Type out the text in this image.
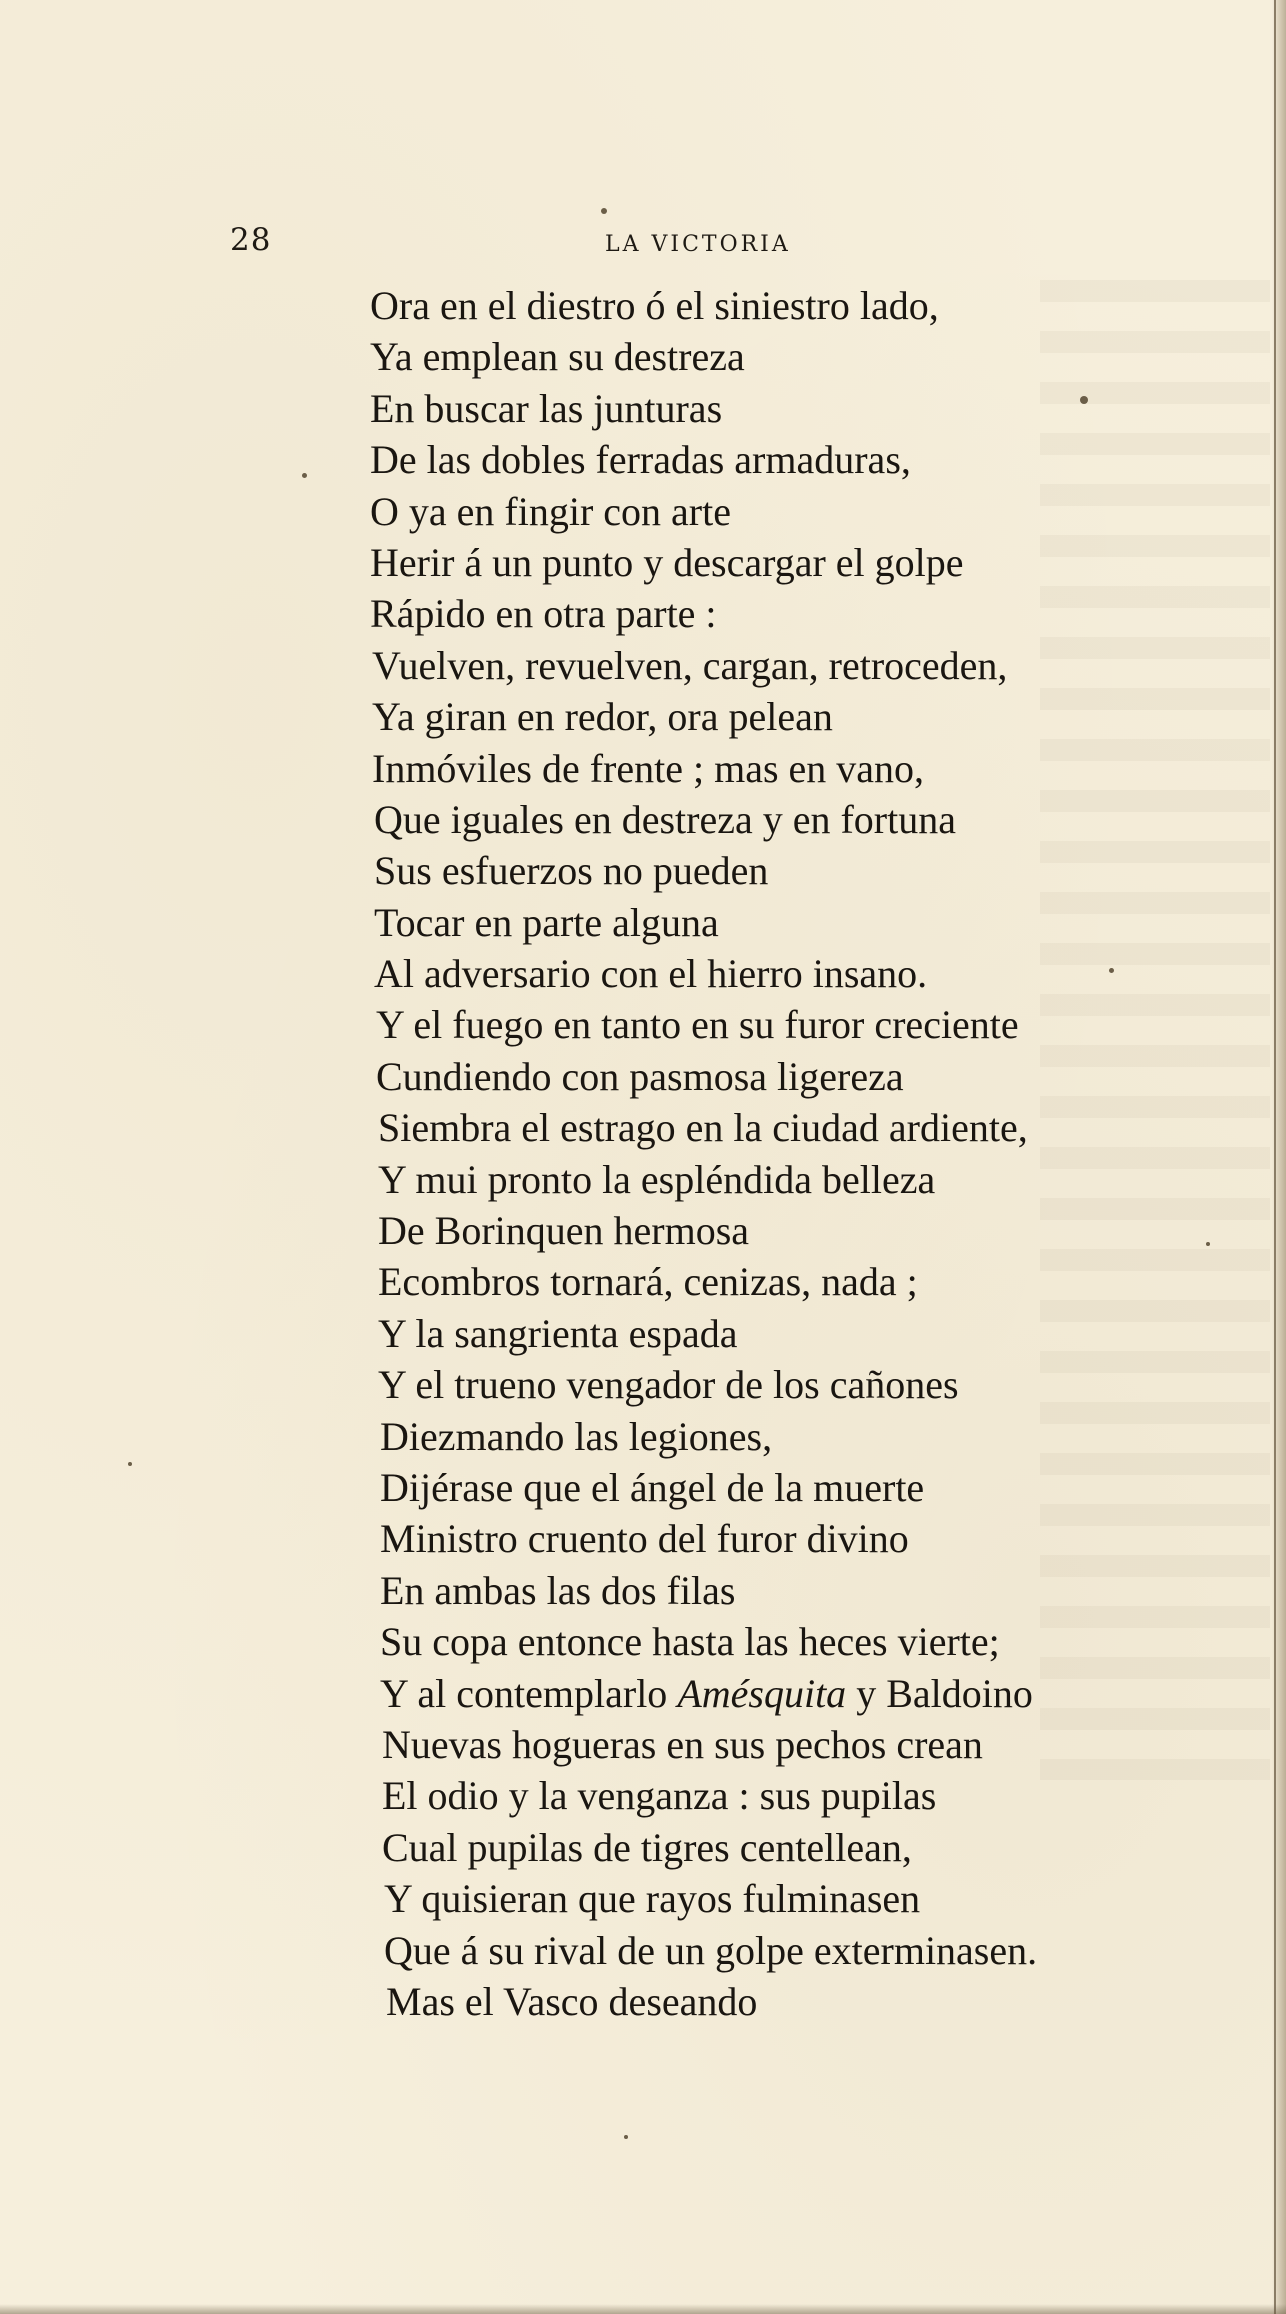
28	LA VICTORIA
Ora en el diestro ó el siniestro lado,
Ya emplean su destreza
En buscar las junturas
De las dobles ferradas armaduras,
O ya en fingir con arte
Herir á un punto y descargar el golpe
Rápido en otra parte :
Vuelven, revuelven, cargan, retroceden,
Ya giran en redor, ora pelean
Inmóviles de frente ; mas en vano,
Que iguales en destreza y en fortuna
Sus esfuerzos no pueden
Tocar en parte alguna
Al adversario con el hierro insano.
Y el fuego en tanto en su furor creciente
Cundiendo con pasmosa ligereza
Siembra el estrago en la ciudad ardiente,
Y mui pronto la espléndida belleza
De Borinquen hermosa
Ecombros tornará, cenizas, nada ;
Y la sangrienta espada
Y el trueno vengador de los cañones
Diezmando las legiones,
Dijérase que el ángel de la muerte
Ministro cruento del furor divino
En ambas las dos filas
Su copa entonce hasta las heces vierte;
Y al contemplarlo Amésquita y Baldoino
Nuevas hogueras en sus pechos crean
El odio y la venganza : sus pupilas
Cual pupilas de tigres centellean,
Y quisieran que rayos fulminasen
Que á su rival de un golpe exterminasen.
Mas el Vasco deseando
